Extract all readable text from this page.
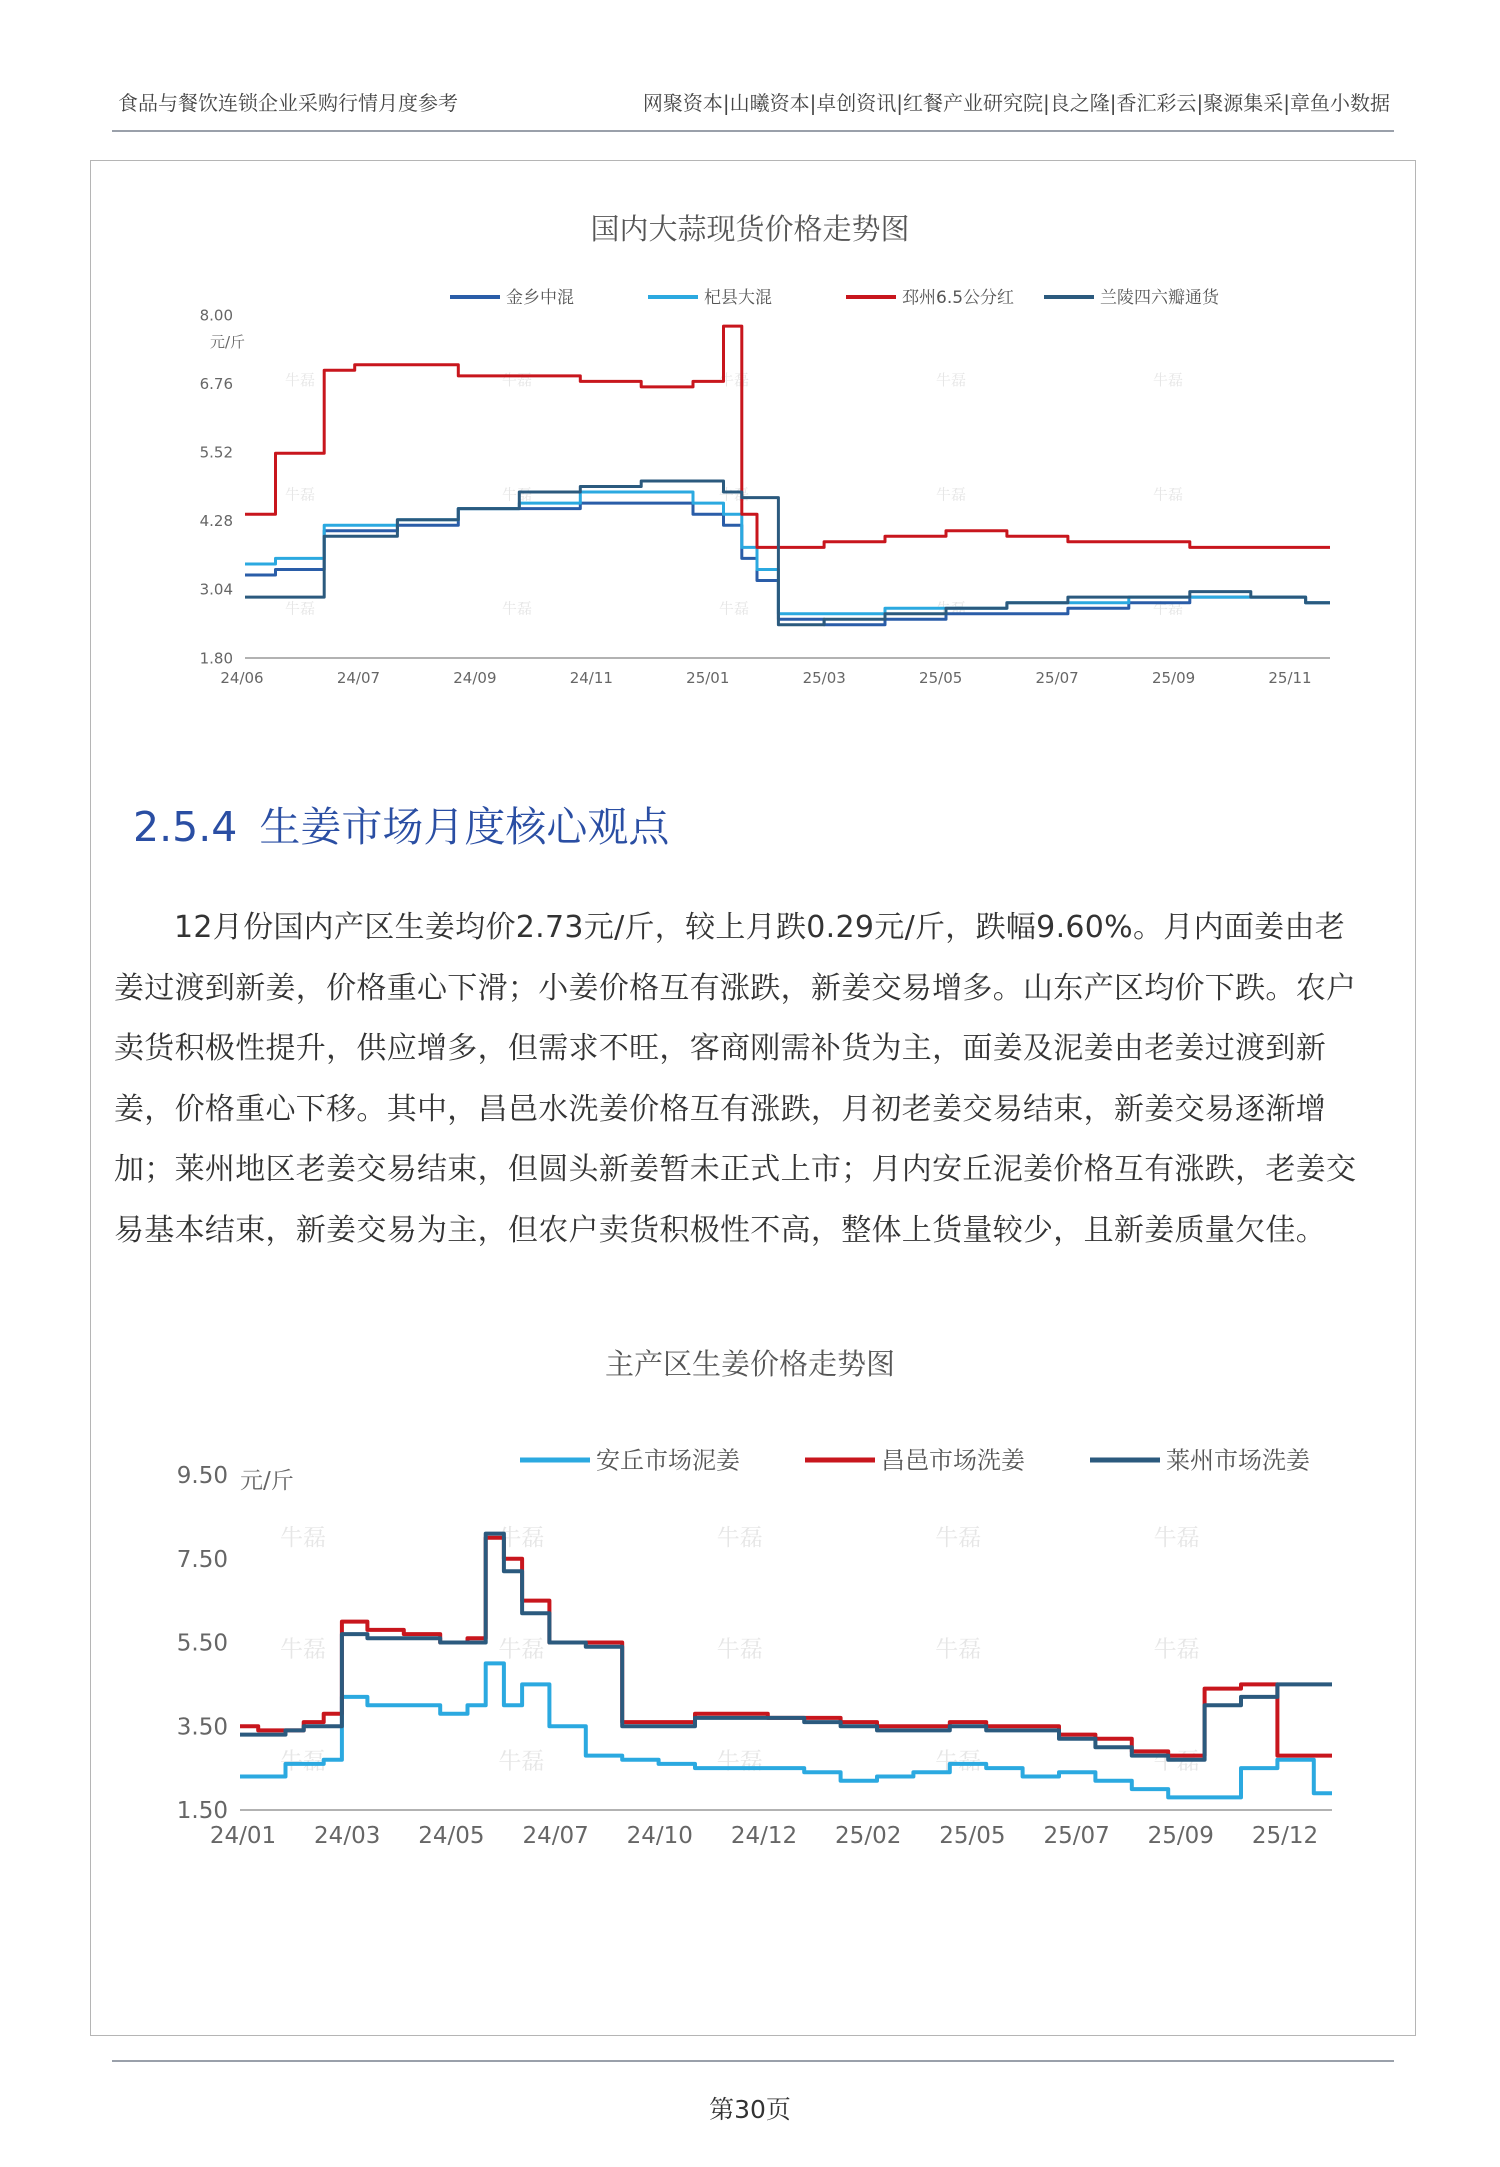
食品与餐饮连锁企业采购行情月度参考	网聚资本|山曦资本|卓创资讯|红餐产业研究院|良之隆|香汇彩云|聚源集采|章鱼小数据
国内大蒜现货价格走势图
牛磊	牛磊	牛磊	牛磊	牛磊
牛磊	牛磊	牛磊	牛磊	牛磊
牛磊	牛磊	牛磊	牛磊	牛磊
8.00
6.76
5.52
4.28
3.04
1.80
元/斤
24/06	24/07	24/09	24/11	25/01	25/03	25/05	25/07	25/09	25/11
金乡中混	杞县大混	邳州6.5公分红	兰陵四六瓣通货
2.5.4 生姜市场月度核心观点

12月份国内产区生姜均价2.73元/斤，较上月跌0.29元/斤，跌幅9.60%。月内面姜由老姜过渡到新姜，价格重心下滑；小姜价格互有涨跌，新姜交易增多。山东产区均价下跌。农户卖货积极性提升，供应增多，但需求不旺，客商刚需补货为主，面姜及泥姜由老姜过渡到新姜，价格重心下移。其中，昌邑水洗姜价格互有涨跌，月初老姜交易结束，新姜交易逐渐增加；莱州地区老姜交易结束，但圆头新姜暂未正式上市；月内安丘泥姜价格互有涨跌，老姜交易基本结束，新姜交易为主，但农户卖货积极性不高，整体上货量较少，且新姜质量欠佳。

主产区生姜价格走势图
牛磊	牛磊	牛磊	牛磊	牛磊
牛磊	牛磊	牛磊	牛磊	牛磊
牛磊	牛磊	牛磊	牛磊	牛磊
9.50
7.50
5.50
3.50
1.50
元/斤
24/01 24/03 24/05 24/07 24/10 24/12 25/02 25/05 25/07 25/09 25/12
安丘市场泥姜	昌邑市场洗姜	莱州市场洗姜
第30页
